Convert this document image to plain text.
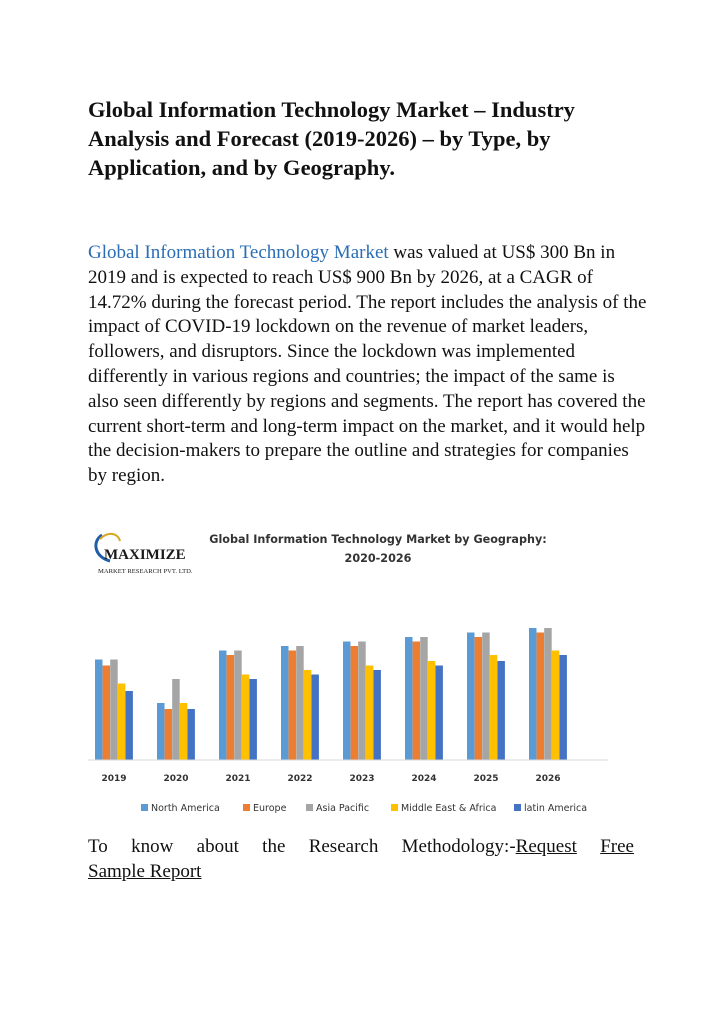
Global Information Technology Market – Industry Analysis and Forecast (2019-2026) – by Type, by Application, and by Geography.
Global Information Technology Market was valued at US$ 300 Bn in 2019 and is expected to reach US$ 900 Bn by 2026, at a CAGR of 14.72% during the forecast period. The report includes the analysis of the impact of COVID-19 lockdown on the revenue of market leaders, followers, and disruptors. Since the lockdown was implemented differently in various regions and countries; the impact of the same is also seen differently by regions and segments. The report has covered the current short-term and long-term impact on the market, and it would help the decision-makers to prepare the outline and strategies for companies by region.
MAXIMIZE
MARKET RESEARCH PVT. LTD.
Global Information Technology Market by Geography:
2020-2026
2019	2020	2021	2022	2023	2024	2025	2026
North America	Europe	Asia Pacific	Middle East & Africa	latin America
To know about the Research Methodology:-Request Free
Sample Report
